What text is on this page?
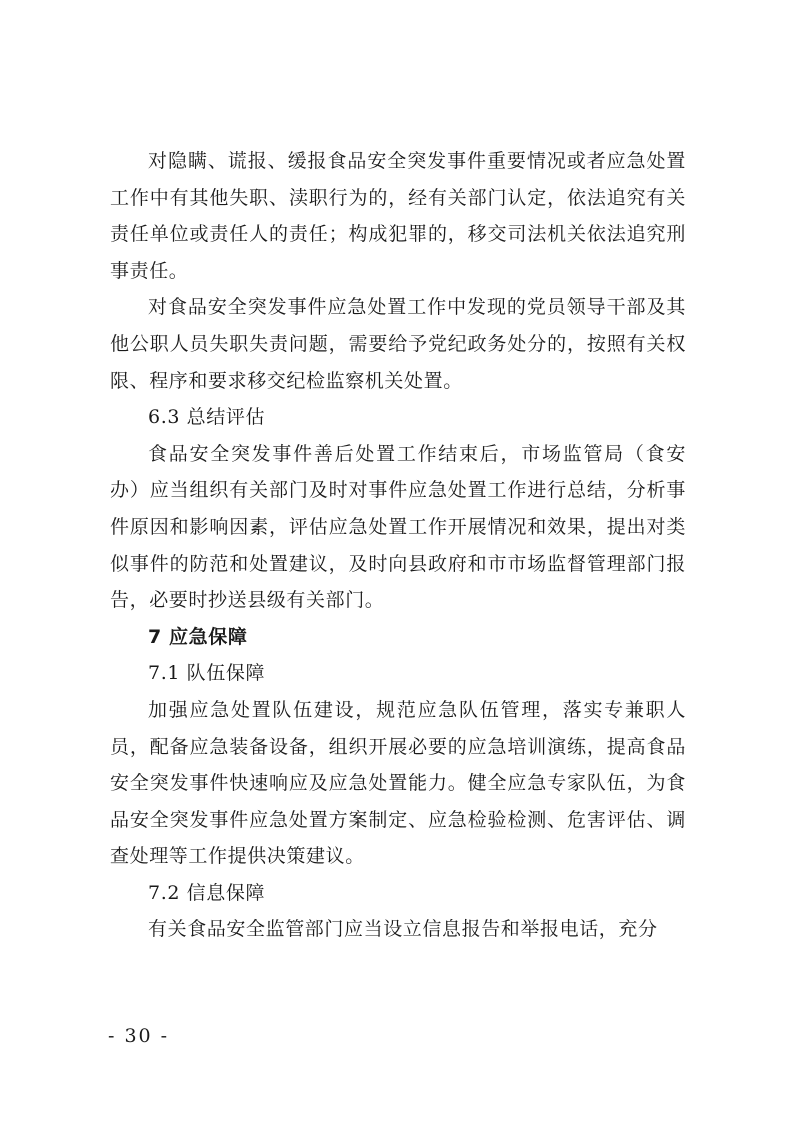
对隐瞒、谎报、缓报食品安全突发事件重要情况或者应急处置工作中有其他失职、渎职行为的，经有关部门认定，依法追究有关责任单位或责任人的责任；构成犯罪的，移交司法机关依法追究刑事责任。

对食品安全突发事件应急处置工作中发现的党员领导干部及其他公职人员失职失责问题，需要给予党纪政务处分的，按照有关权限、程序和要求移交纪检监察机关处置。

6.3 总结评估

食品安全突发事件善后处置工作结束后，市场监管局（食安办）应当组织有关部门及时对事件应急处置工作进行总结，分析事件原因和影响因素，评估应急处置工作开展情况和效果，提出对类似事件的防范和处置建议，及时向县政府和市市场监督管理部门报告，必要时抄送县级有关部门。

7 应急保障

7.1 队伍保障

加强应急处置队伍建设，规范应急队伍管理，落实专兼职人员，配备应急装备设备，组织开展必要的应急培训演练，提高食品安全突发事件快速响应及应急处置能力。健全应急专家队伍，为食品安全突发事件应急处置方案制定、应急检验检测、危害评估、调查处理等工作提供决策建议。

7.2 信息保障

有关食品安全监管部门应当设立信息报告和举报电话，充分

- 30 -
